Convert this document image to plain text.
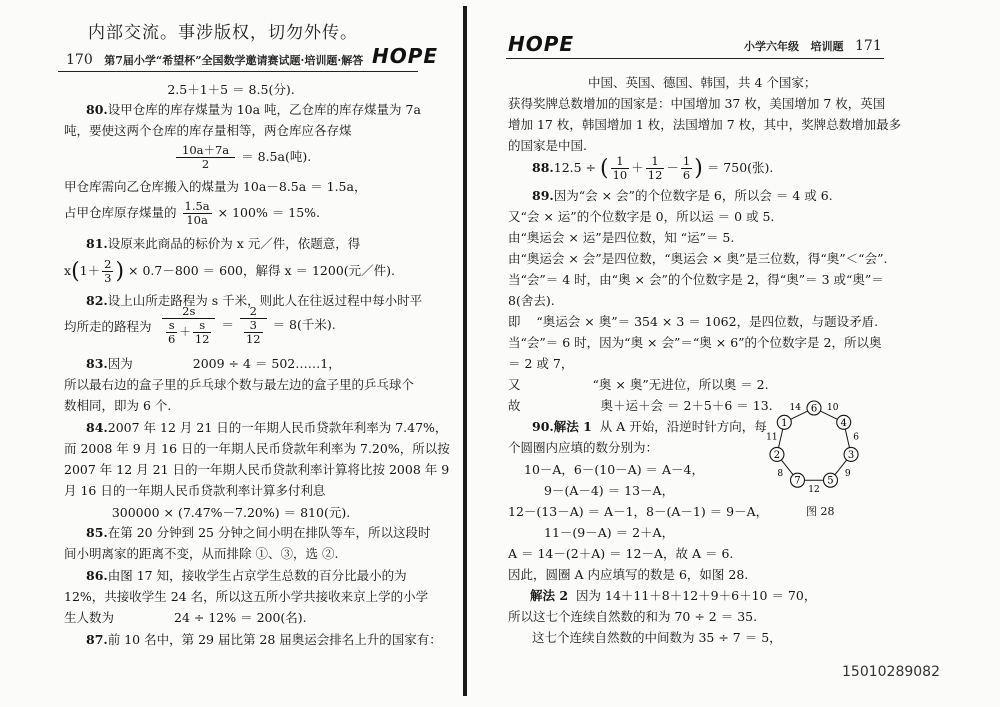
内部交流。事涉版权，切勿外传。
170 第7届小学“希望杯”全国数学邀请赛试题·培训题·解答 HOPE
2.5＋1＋5 ＝ 8.5(分).
80.设甲仓库的库存煤量为 10a 吨，乙仓库的库存煤量为 7a
吨，要使这两个仓库的库存量相等，两仓库应各存煤
$\frac{10a+7a}{2} = 8.5a$(吨).
甲仓库需向乙仓库搬入的煤量为 10a－8.5a ＝ 1.5a，
占甲仓库原存煤量的 $\frac{1.5a}{10a} \times 100\% = 15\%$.
81.设原来此商品的标价为 x 元／件，依题意，得
$x(1+ \frac{2}{3}$ ) × 0.7－800 ＝ 600，解得 x ＝ 1200(元／件).
82.设上山所走路程为 s 千米，则此人在往返过程中每小时平
均所走的路程为 $\frac{2s}{\frac{s}{6} + \frac{s}{12}} = \frac{2}{\frac{3}{12}} = 8$(千米).
83.因为	2009 ÷ 4 ＝ 502……1，
所以最右边的盒子里的乒乓球个数与最左边的盒子里的乒乓球个
数相同，即为 6 个.
84.2007 年 12 月 21 日的一年期人民币贷款年利率为 7.47%，
而 2008 年 9 月 16 日的一年期人民币贷款年利率为 7.20%，所以按
2007 年 12 月 21 日的一年期人民币贷款利率计算将比按 2008 年 9
月 16 日的一年期人民币贷款利率计算多付利息
300000 × (7.47%－7.20%) ＝ 810(元).
85.在第 20 分钟到 25 分钟之间小明在排队等车，所以这段时
间小明离家的距离不变，从而排除 ①、③，选 ②.
86.由图 17 知，接收学生占京学生总数的百分比最小的为
12%，共接收学生 24 名，所以这五所小学共接收来京上学的小学
生人数为	24 ÷ 12% ＝ 200(名).
87.前 10 名中，第 29 届比第 28 届奥运会排名上升的国家有：
HOPE	小学六年级 培训题 171
中国、英国、德国、韩国，共 4 个国家；
获得奖牌总数增加的国家是：中国增加 37 枚，美国增加 7 枚，英国
增加 17 枚，韩国增加 1 枚，法国增加 7 枚，其中，奖牌总数增加最多
的国家是中国.
88.12.5 ÷ ( $\frac{1}{10} + \frac{1}{12} - \frac{1}{6}$ ) ＝ 750(张).
89.因为“会 × 会”的个位数字是 6，所以会 ＝ 4 或 6.
又“会 × 运”的个位数字是 0，所以运 ＝ 0 或 5.
由“奥运会 × 运”是四位数，知 “运”＝ 5.
由“奥运会 × 会”是四位数，“奥运会 × 奥”是三位数，得“奥”＜“会”.
当“会”＝ 4 时，由“奥 × 会”的个位数字是 2，得“奥”＝ 3 或“奥”＝
8(舍去).
即 “奥运会 × 奥”＝ 354 × 3 ＝ 1062，是四位数，与题设矛盾.
当“会”＝ 6 时，因为“奥 × 会”＝“奥 × 6”的个位数字是 2，所以奥
＝ 2 或 7，
又	“奥 × 奥”无进位，所以奥 ＝ 2.
故	奥＋运＋会 ＝ 2＋5＋6 ＝ 13.
90.解法 1 从 A 开始，沿逆时针方向，每
个圆圈内应填的数分别为：
10－A，6－(10－A) ＝ A－4，
9－(A－4) ＝ 13－A，
12－(13－A) ＝ A－1，8－(A－1) ＝ 9－A，
11－(9－A) ＝ 2＋A，
A ＝ 14－(2＋A) ＝ 12－A，故 A ＝ 6.
因此，圆圈 A 内应填写的数是 6，如图 28.
解法 2 因为 14＋11＋8＋12＋9＋6＋10 ＝ 70，
所以这七个连续自然数的和为 70 ÷ 2 ＝ 35.
这七个连续自然数的中间数为 35 ÷ 7 ＝ 5，
14
11
8
12
9
6
10
6
1
2
7	5
3
4
图 28
15010289082
